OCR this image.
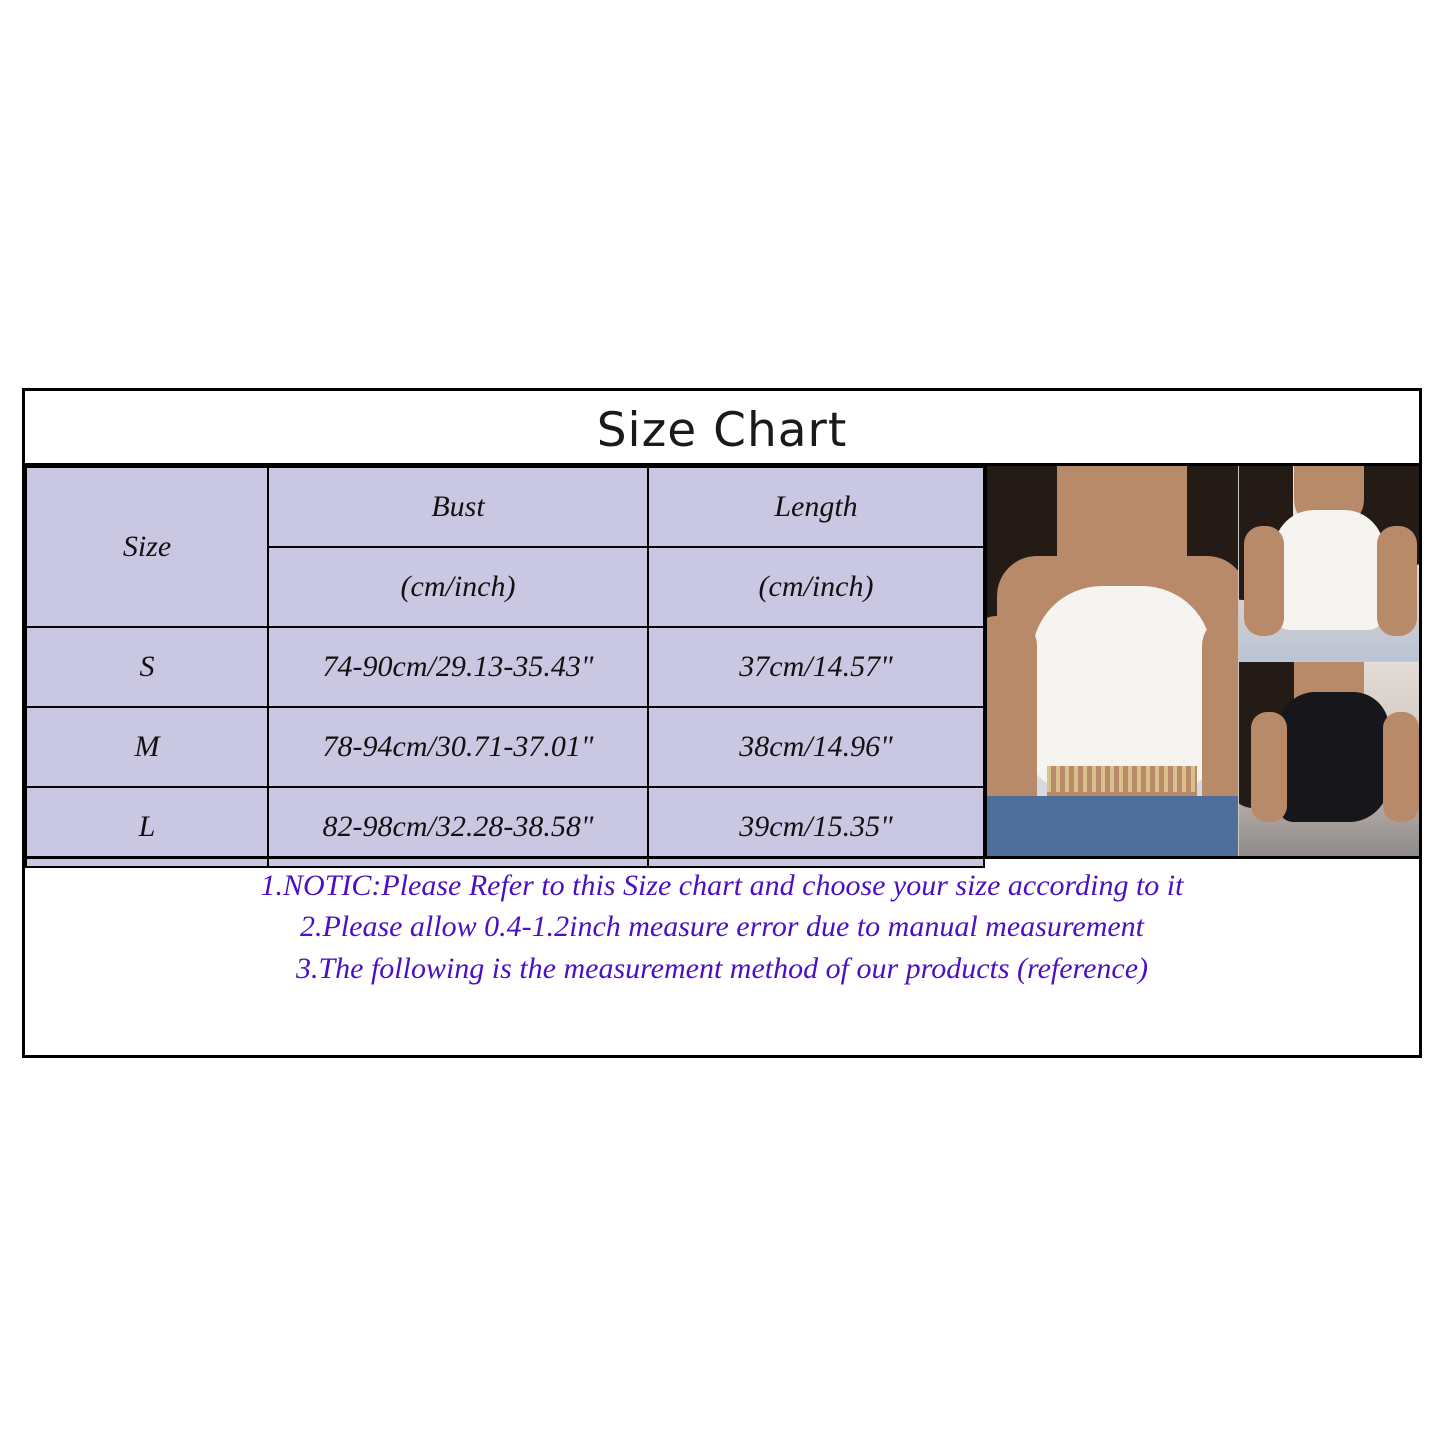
Size Chart
Size	Bust	Length
	(cm/inch)	(cm/inch)
S	74-90cm/29.13-35.43"	37cm/14.57"
M	78-94cm/30.71-37.01"	38cm/14.96"
L	82-98cm/32.28-38.58"	39cm/15.35"
1.NOTIC:Please Refer to this Size chart and choose your size according to it
2.Please allow 0.4-1.2inch measure error due to manual measurement
3.The following is the measurement method of our products (reference)
